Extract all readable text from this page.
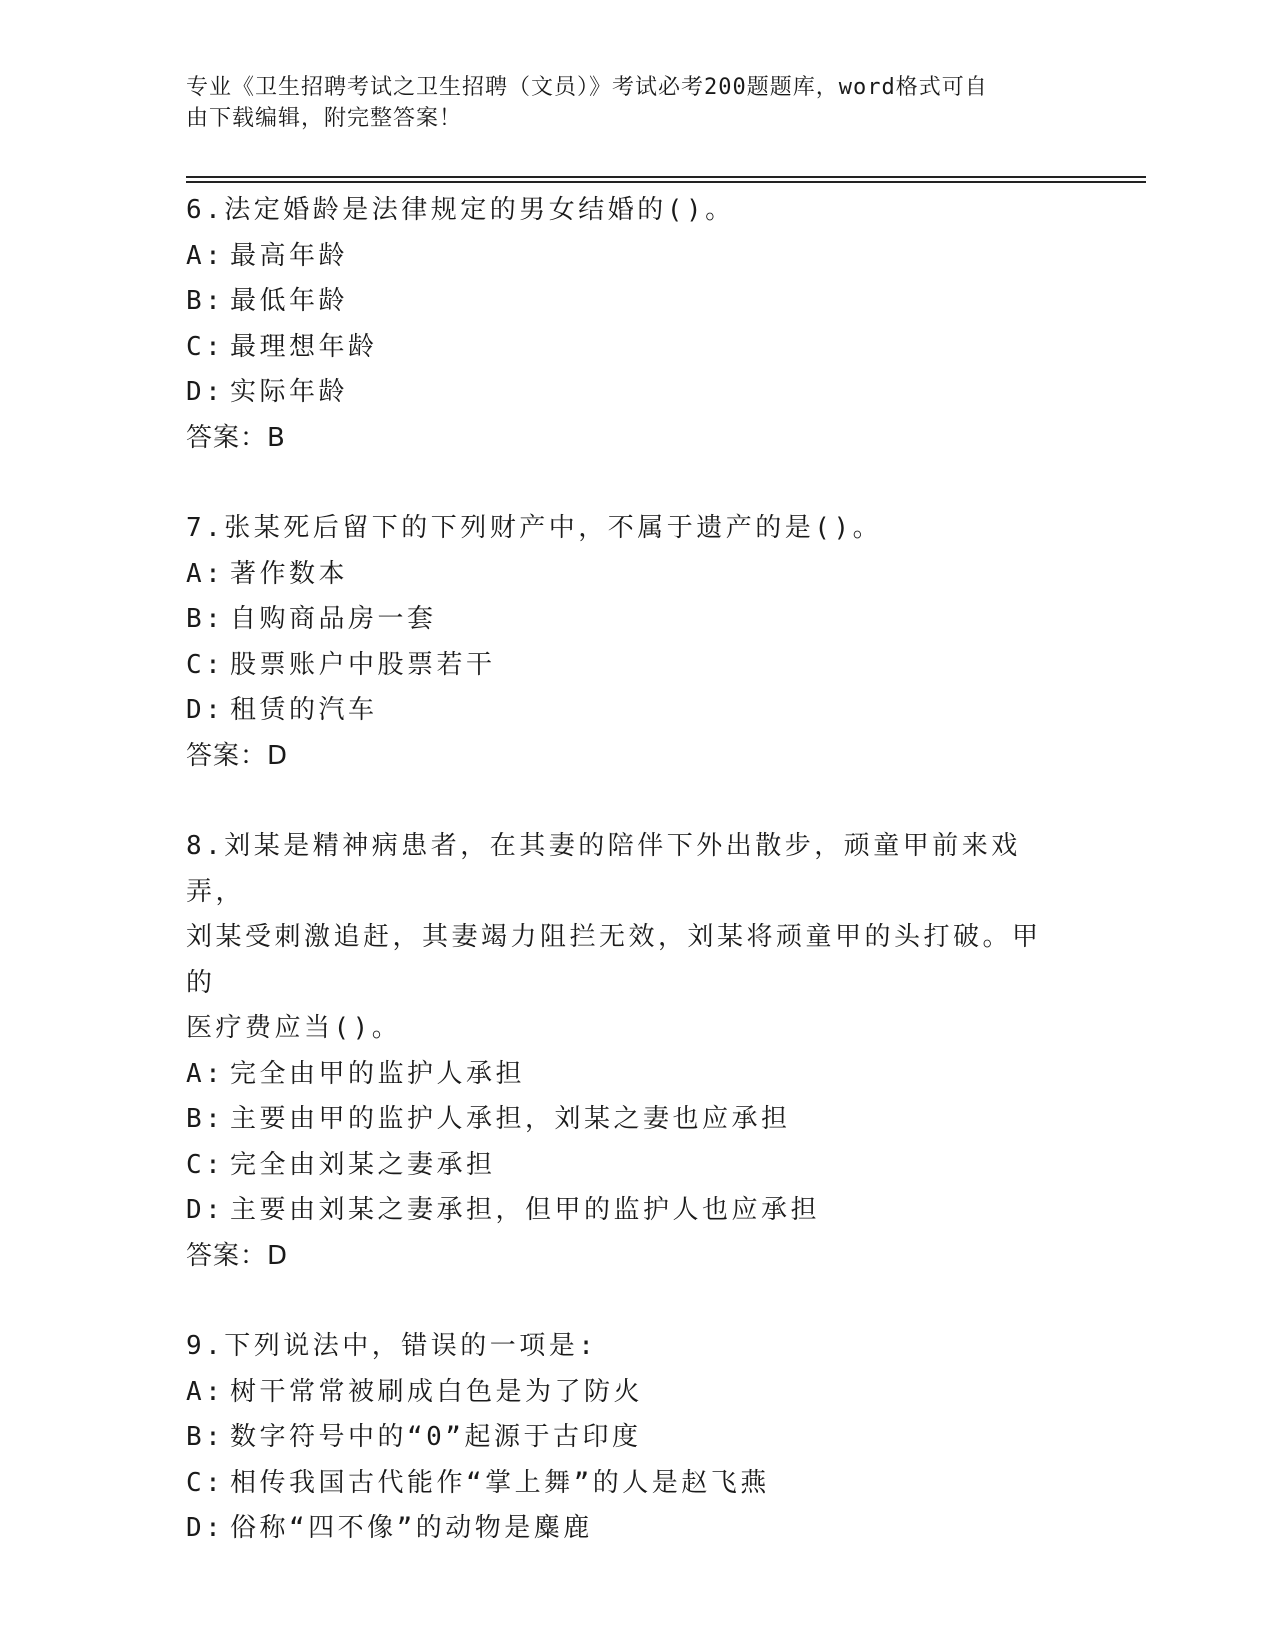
专业《卫生招聘考试之卫生招聘（文员）》考试必考200题题库，word格式可自
由下载编辑，附完整答案！
6.法定婚龄是法律规定的男女结婚的()。
A: 最高年龄
B: 最低年龄
C: 最理想年龄
D: 实际年龄
答案：B
7.张某死后留下的下列财产中，不属于遗产的是()。
A: 著作数本
B: 自购商品房一套
C: 股票账户中股票若干
D: 租赁的汽车
答案：D
8.刘某是精神病患者，在其妻的陪伴下外出散步，顽童甲前来戏弄，
刘某受刺激追赶，其妻竭力阻拦无效，刘某将顽童甲的头打破。甲的
医疗费应当()。
A: 完全由甲的监护人承担
B: 主要由甲的监护人承担，刘某之妻也应承担
C: 完全由刘某之妻承担
D: 主要由刘某之妻承担，但甲的监护人也应承担
答案：D
9.下列说法中，错误的一项是:
A: 树干常常被刷成白色是为了防火
B: 数字符号中的“0”起源于古印度
C: 相传我国古代能作“掌上舞”的人是赵飞燕
D: 俗称“四不像”的动物是麋鹿
